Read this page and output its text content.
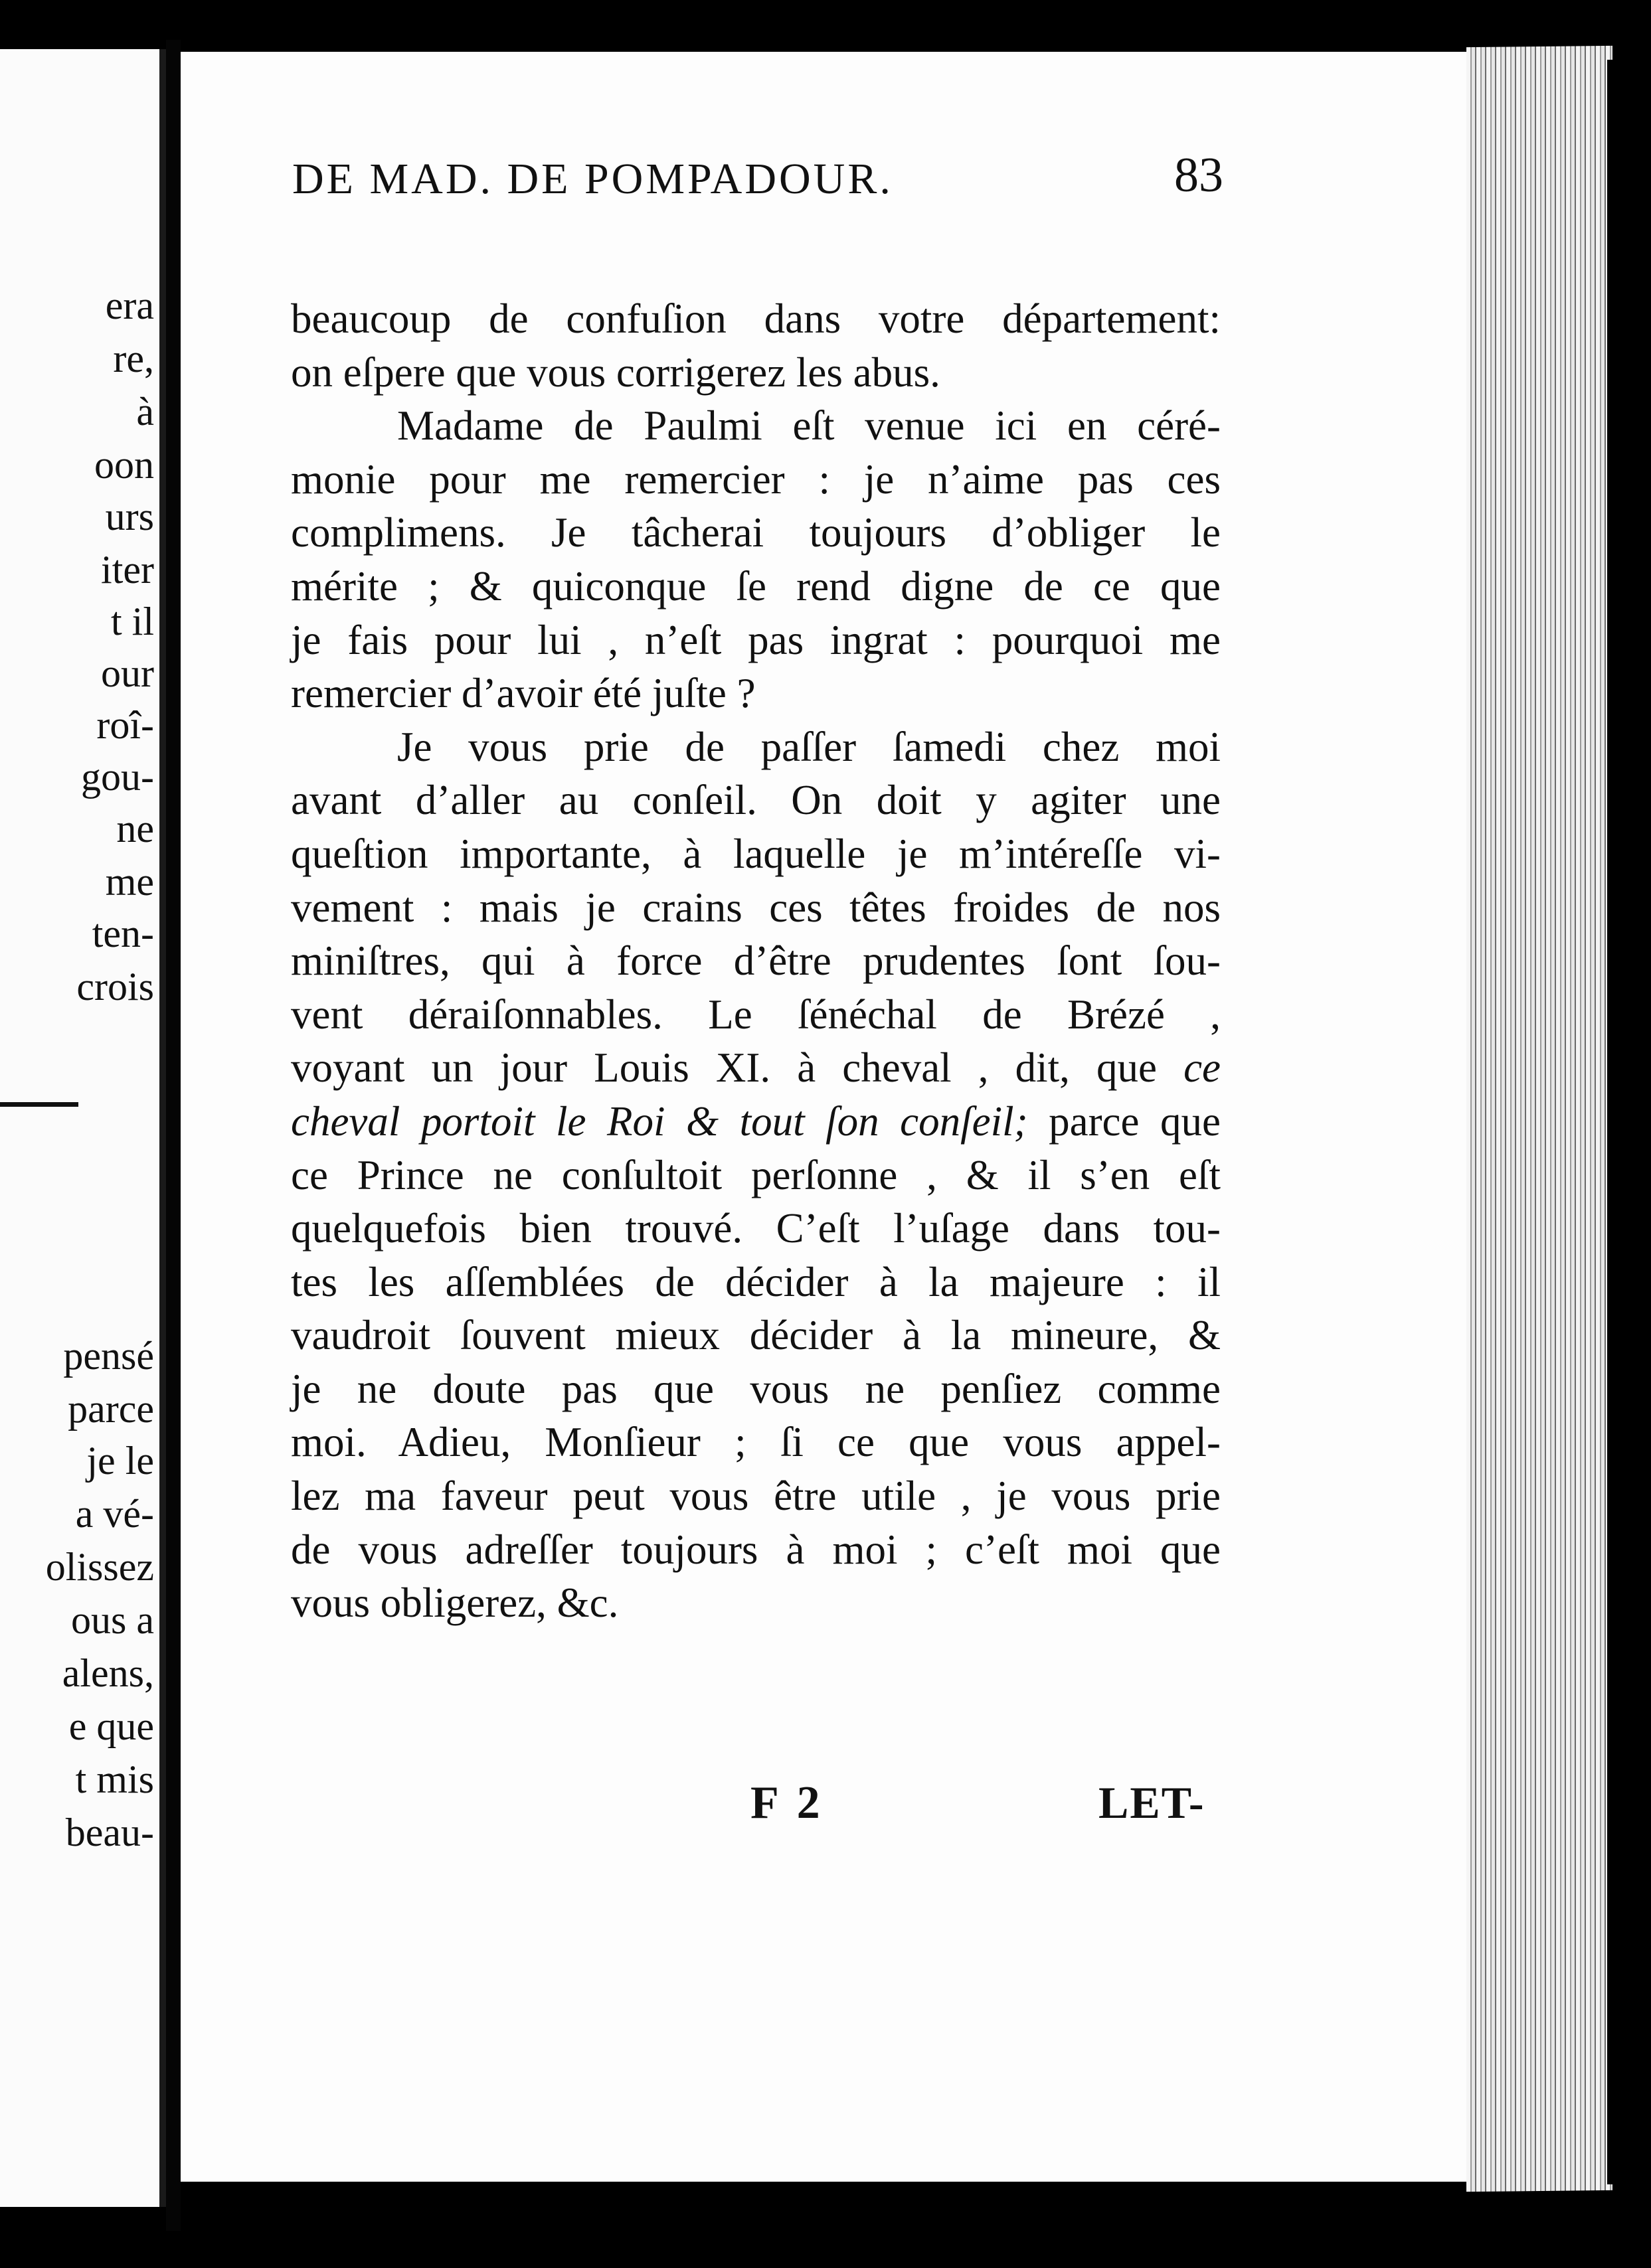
era
re,
à
oon
urs
iter
t il
our
roî-
gou-
ne
me
ten-
crois
pensé
parce
je le
a vé-
olissez
ous a
alens,
e que
t mis
beau-
DE MAD. DE POMPADOUR.	83
beaucoup de confuſion dans votre département:
on eſpere que vous corrigerez les abus.
Madame de Paulmi eſt venue ici en céré-
monie pour me remercier : je n’aime pas ces
complimens. Je tâcherai toujours d’obliger le
mérite ; & quiconque ſe rend digne de ce que
je fais pour lui , n’eſt pas ingrat : pourquoi me
remercier d’avoir été juſte ?
Je vous prie de paſſer ſamedi chez moi
avant d’aller au conſeil. On doit y agiter une
queſtion importante, à laquelle je m’intéreſſe vi-
vement : mais je crains ces têtes froides de nos
miniſtres, qui à force d’être prudentes ſont ſou-
vent déraiſonnables. Le ſénéchal de Brézé ,
voyant un jour Louis XI. à cheval , dit, que ce
cheval portoit le Roi & tout ſon conſeil; parce que
ce Prince ne conſultoit perſonne , & il s’en eſt
quelquefois bien trouvé. C’eſt l’uſage dans tou-
tes les aſſemblées de décider à la majeure : il
vaudroit ſouvent mieux décider à la mineure, &
je ne doute pas que vous ne penſiez comme
moi. Adieu, Monſieur ; ſi ce que vous appel-
lez ma faveur peut vous être utile , je vous prie
de vous adreſſer toujours à moi ; c’eſt moi que
vous obligerez, &c.
F 2	LET-
